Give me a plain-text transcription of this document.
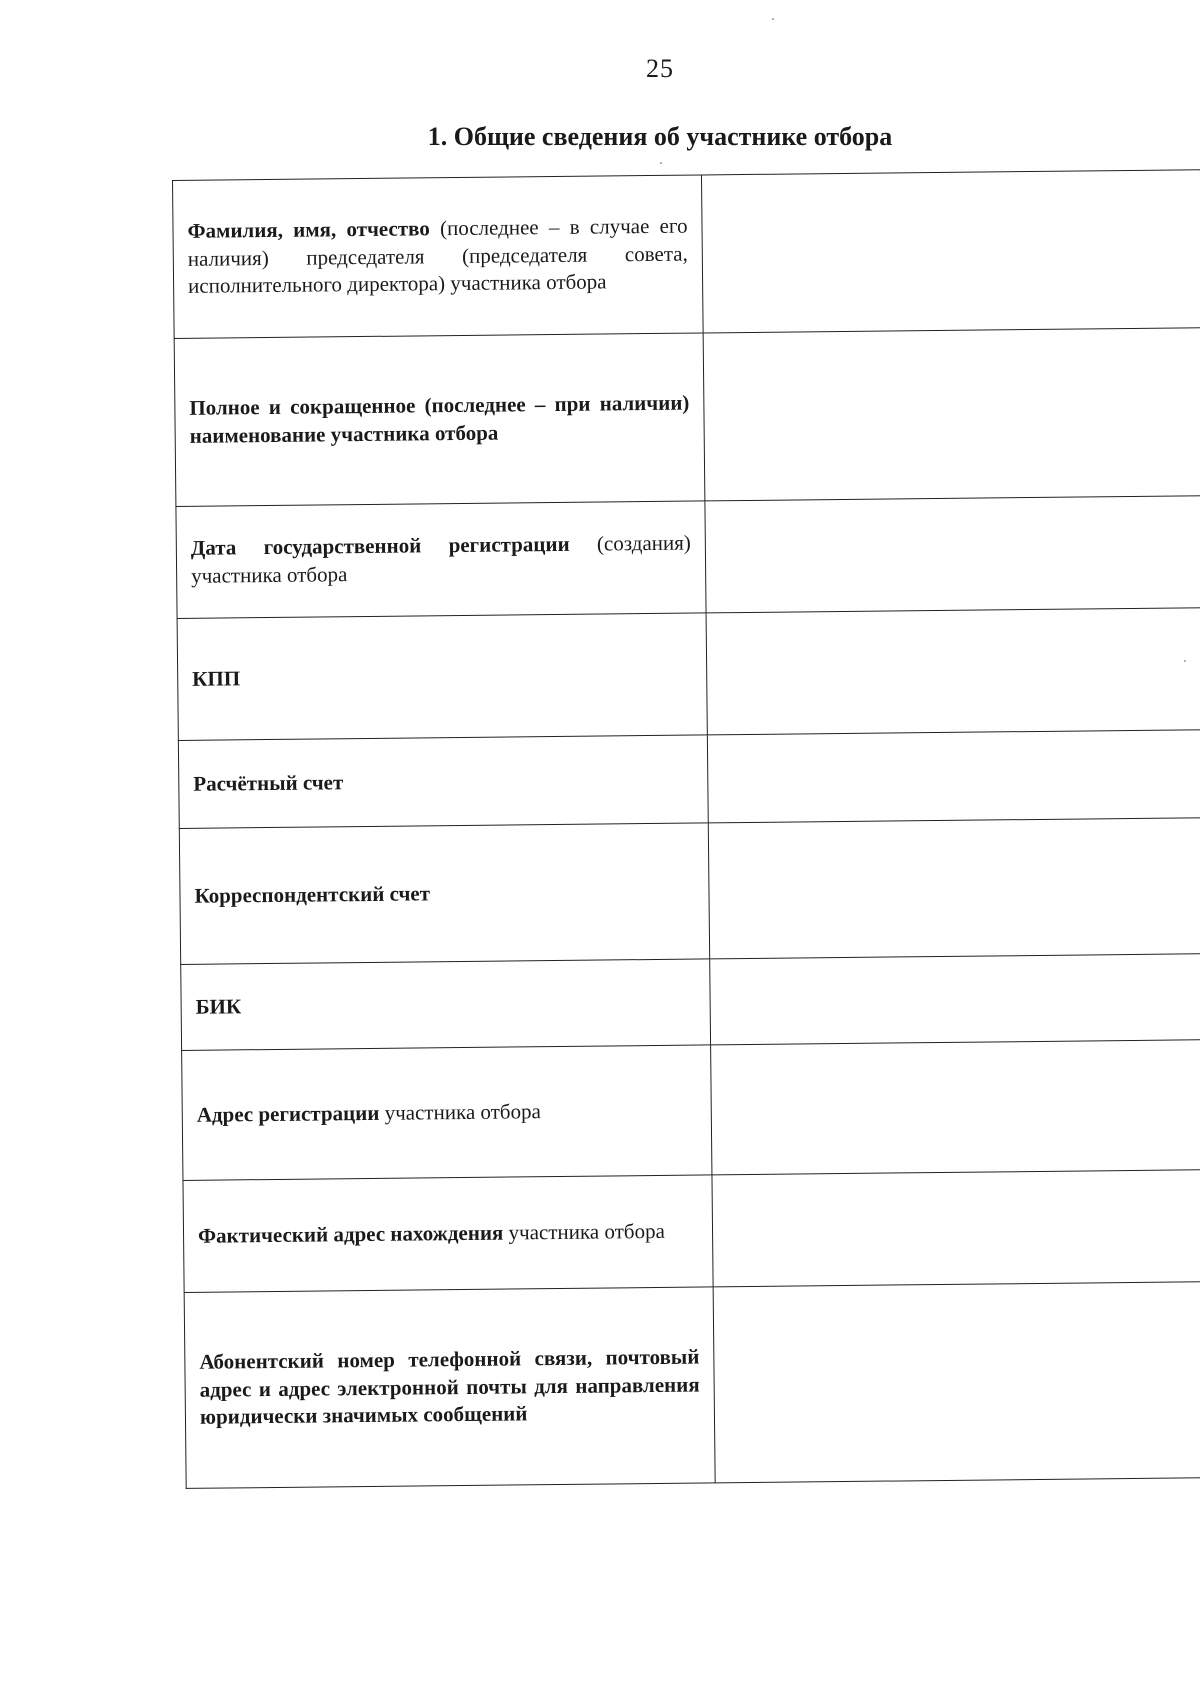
25
1. Общие сведения об участнике отбора
Фамилия, имя, отчество (последнее – в случае его наличия) председателя (председателя совета, исполнительного директора) участника отбора	
Полное и сокращенное (последнее – при наличии) наименование участника отбора	
Дата государственной регистрации (создания) участника отбора	
КПП	
Расчётный счет	
Корреспондентский счет	
БИК	
Адрес регистрации участника отбора	
Фактический адрес нахождения участника отбора	
Абонентский номер телефонной связи, почтовый адрес и адрес электронной почты для направления юридически значимых сообщений	
